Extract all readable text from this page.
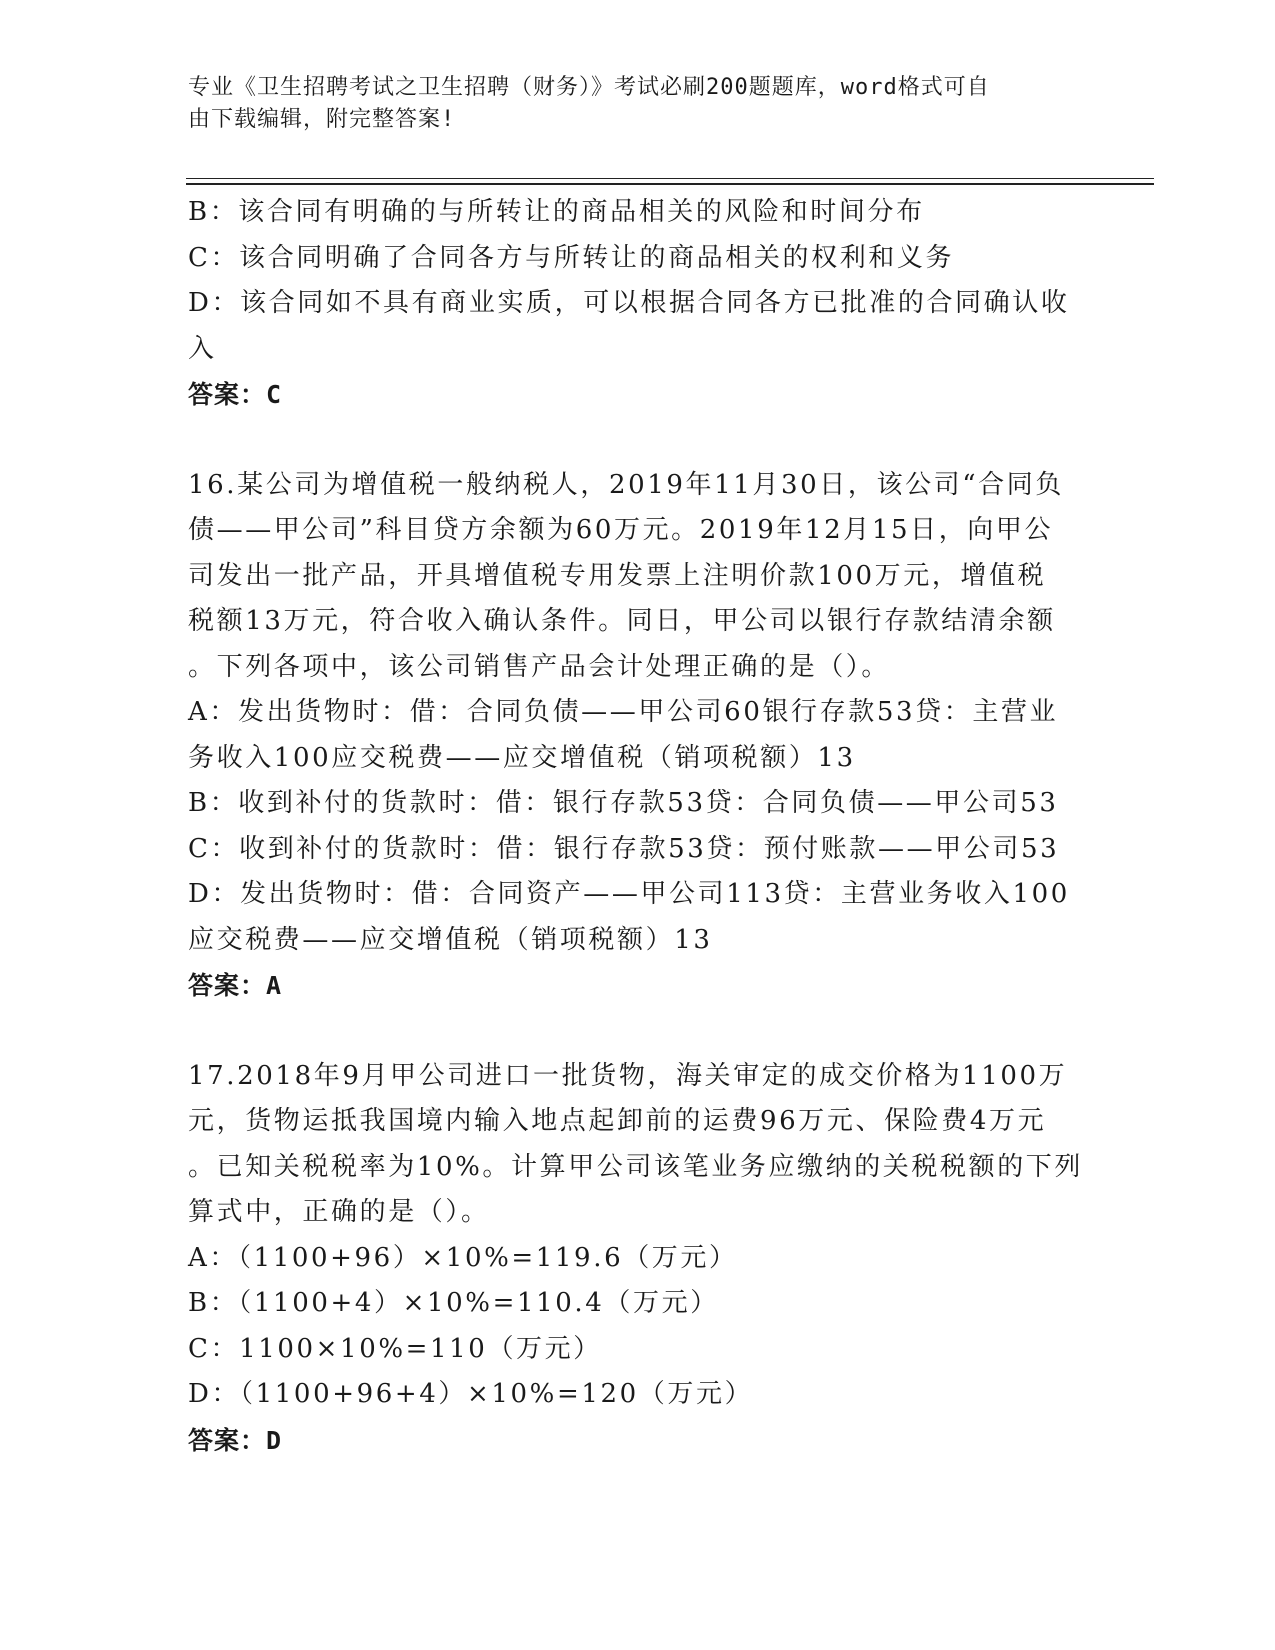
专业《卫生招聘考试之卫生招聘（财务）》考试必刷200题题库，word格式可自
由下载编辑，附完整答案!
B：该合同有明确的与所转让的商品相关的风险和时间分布
C：该合同明确了合同各方与所转让的商品相关的权利和义务
D：该合同如不具有商业实质，可以根据合同各方已批准的合同确认收
入
答案：C
16.某公司为增值税一般纳税人，2019年11月30日，该公司“合同负
债——甲公司”科目贷方余额为60万元。2019年12月15日，向甲公
司发出一批产品，开具增值税专用发票上注明价款100万元，增值税
税额13万元，符合收入确认条件。同日，甲公司以银行存款结清余额
。下列各项中，该公司销售产品会计处理正确的是（）。
A：发出货物时：借：合同负债——甲公司60银行存款53贷：主营业
务收入100应交税费——应交增值税（销项税额）13
B：收到补付的货款时：借：银行存款53贷：合同负债——甲公司53
C：收到补付的货款时：借：银行存款53贷：预付账款——甲公司53
D：发出货物时：借：合同资产——甲公司113贷：主营业务收入100
应交税费——应交增值税（销项税额）13
答案：A
17.2018年9月甲公司进口一批货物，海关审定的成交价格为1100万
元，货物运抵我国境内输入地点起卸前的运费96万元、保险费4万元
。已知关税税率为10%。计算甲公司该笔业务应缴纳的关税税额的下列
算式中，正确的是（）。
A：（1100+96）×10%=119.6（万元）
B：（1100+4）×10%=110.4（万元）
C：1100×10%=110（万元）
D：（1100+96+4）×10%=120（万元）
答案：D
